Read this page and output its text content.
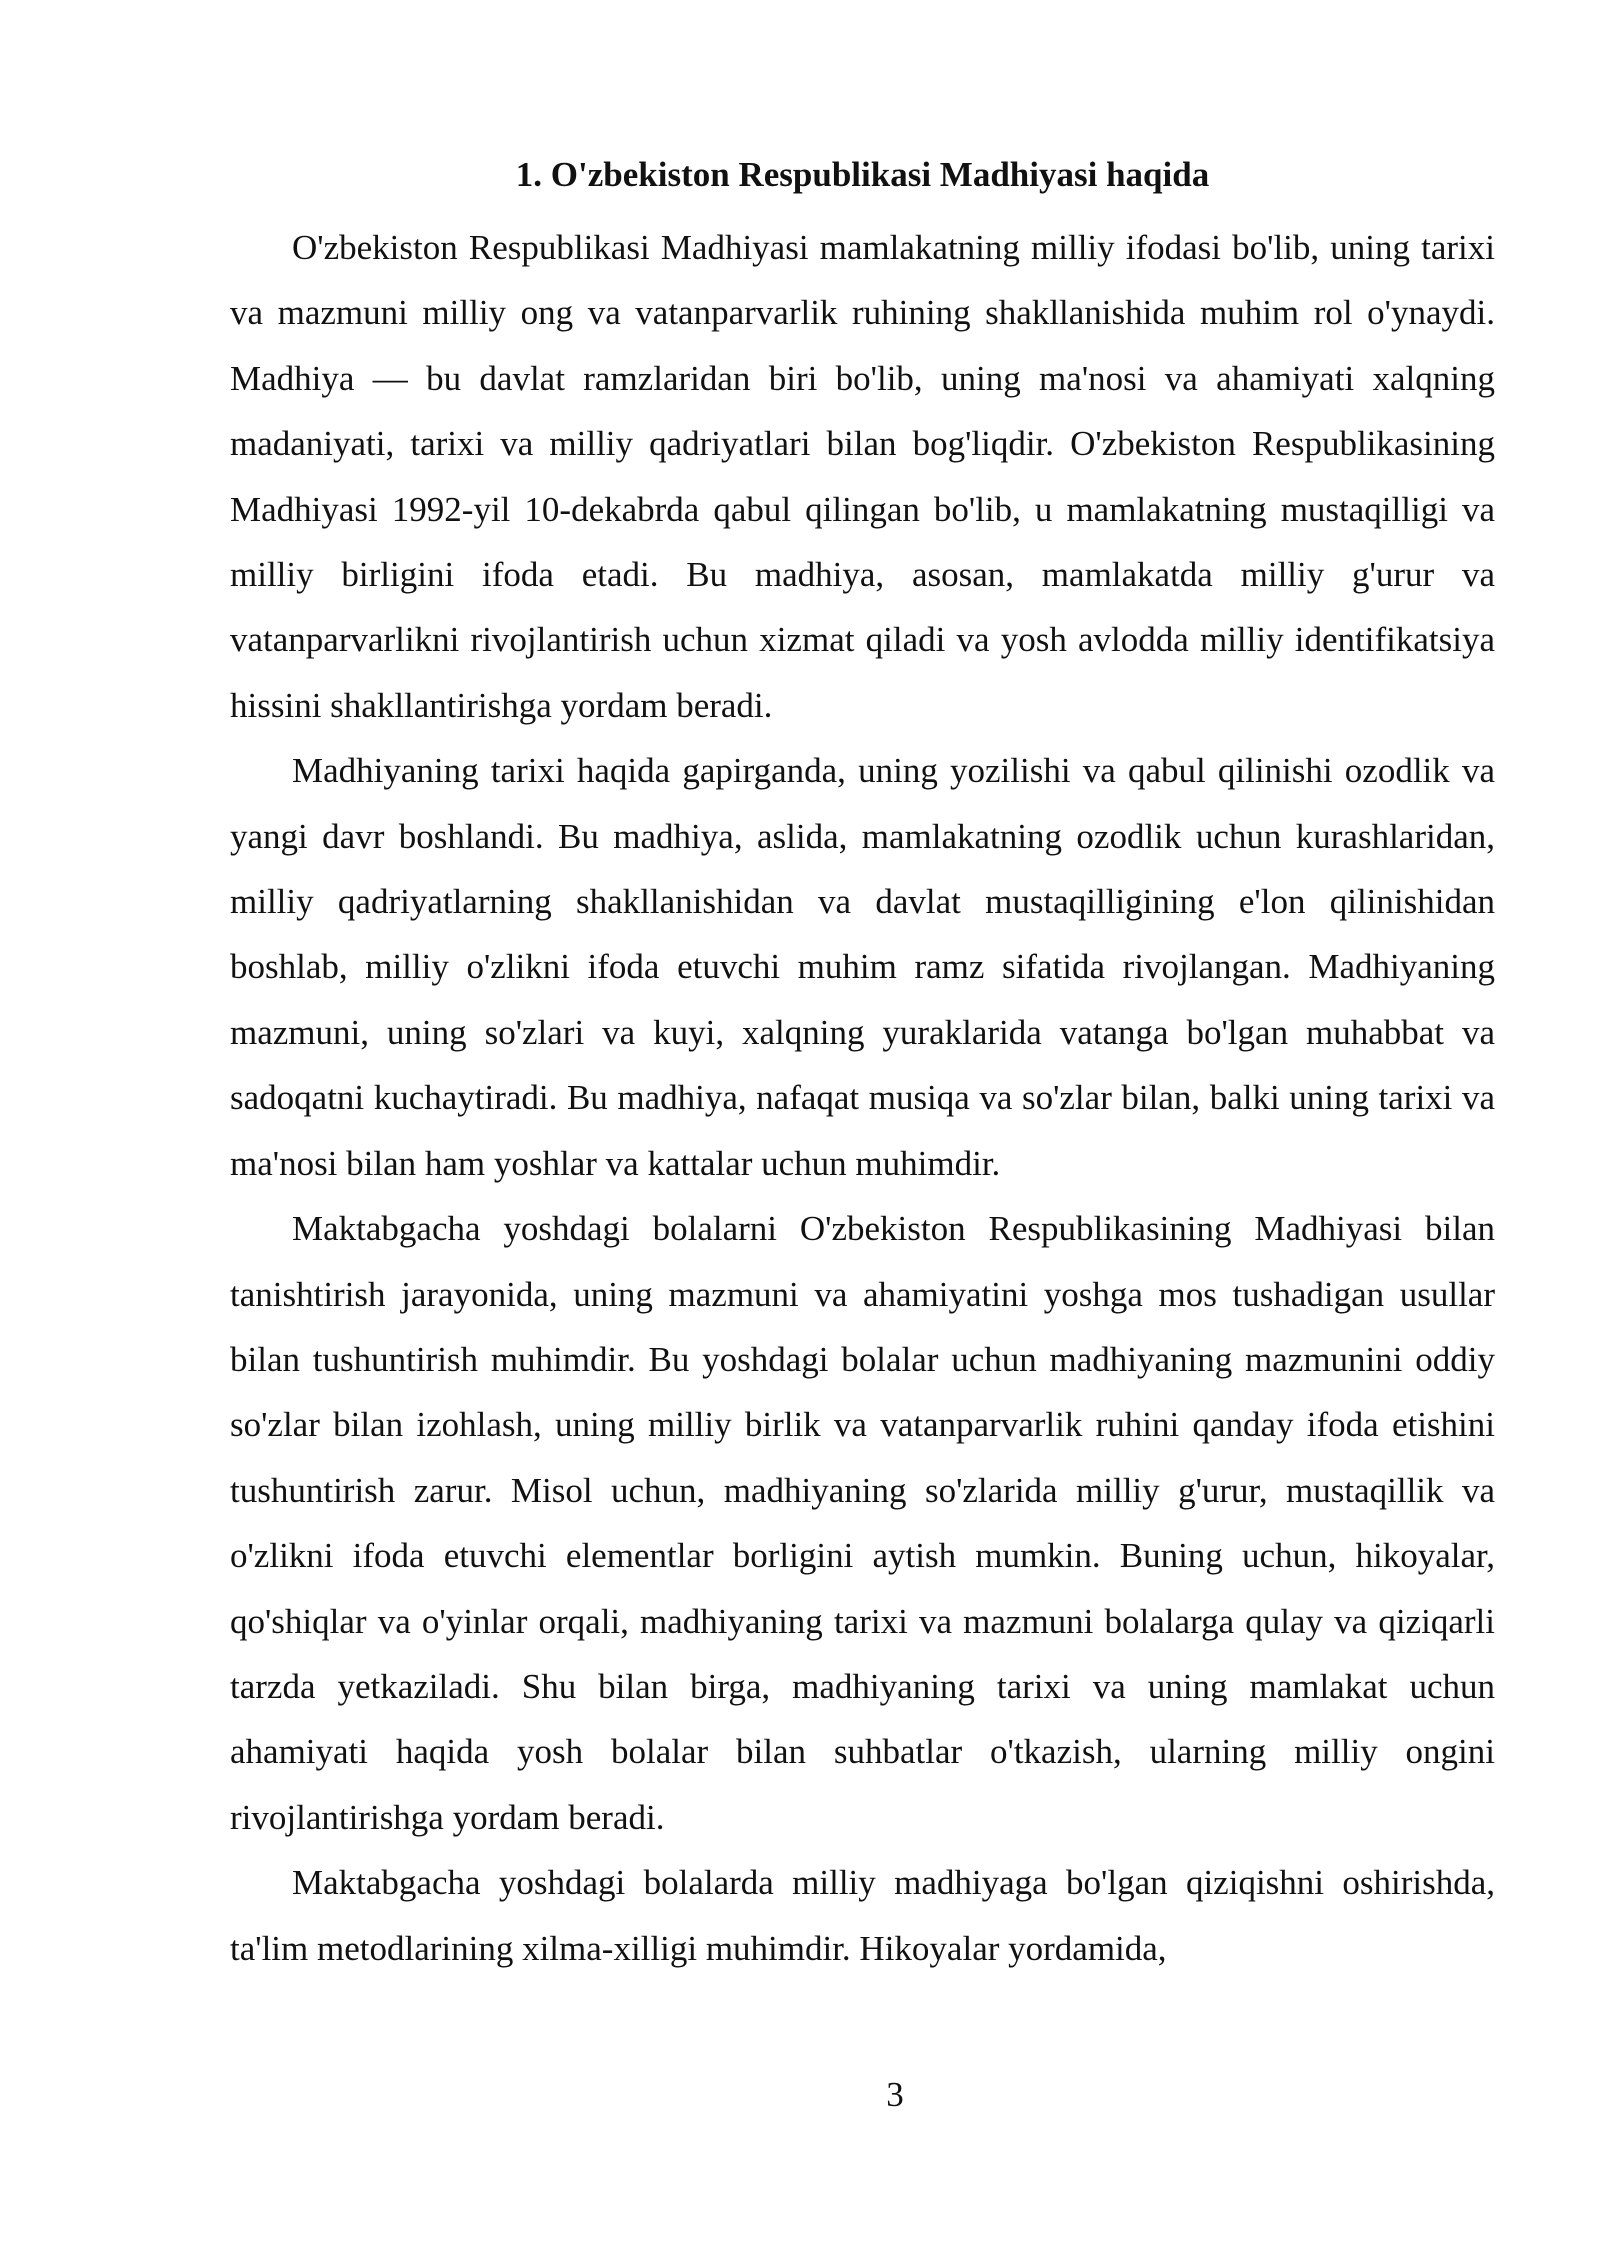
1. O'zbekiston Respublikasi Madhiyasi haqida

O'zbekiston Respublikasi Madhiyasi mamlakatning milliy ifodasi bo'lib, uning tarixi va mazmuni milliy ong va vatanparvarlik ruhining shakllanishida muhim rol o'ynaydi. Madhiya — bu davlat ramzlaridan biri bo'lib, uning ma'nosi va ahamiyati xalqning madaniyati, tarixi va milliy qadriyatlari bilan bog'liqdir. O'zbekiston Respublikasining Madhiyasi 1992-yil 10-dekabrda qabul qilingan bo'lib, u mamlakatning mustaqilligi va milliy birligini ifoda etadi. Bu madhiya, asosan, mamlakatda milliy g'urur va vatanparvarlikni rivojlantirish uchun xizmat qiladi va yosh avlodda milliy identifikatsiya hissini shakllantirishga yordam beradi.

Madhiyaning tarixi haqida gapirganda, uning yozilishi va qabul qilinishi ozodlik va yangi davr boshlandi. Bu madhiya, aslida, mamlakatning ozodlik uchun kurashlaridan, milliy qadriyatlarning shakllanishidan va davlat mustaqilligining e'lon qilinishidan boshlab, milliy o'zlikni ifoda etuvchi muhim ramz sifatida rivojlangan. Madhiyaning mazmuni, uning so'zlari va kuyi, xalqning yuraklarida vatanga bo'lgan muhabbat va sadoqatni kuchaytiradi. Bu madhiya, nafaqat musiqa va so'zlar bilan, balki uning tarixi va ma'nosi bilan ham yoshlar va kattalar uchun muhimdir.

Maktabgacha yoshdagi bolalarni O'zbekiston Respublikasining Madhiyasi bilan tanishtirish jarayonida, uning mazmuni va ahamiyatini yoshga mos tushadigan usullar bilan tushuntirish muhimdir. Bu yoshdagi bolalar uchun madhiyaning mazmunini oddiy so'zlar bilan izohlash, uning milliy birlik va vatanparvarlik ruhini qanday ifoda etishini tushuntirish zarur. Misol uchun, madhiyaning so'zlarida milliy g'urur, mustaqillik va o'zlikni ifoda etuvchi elementlar borligini aytish mumkin. Buning uchun, hikoyalar, qo'shiqlar va o'yinlar orqali, madhiyaning tarixi va mazmuni bolalarga qulay va qiziqarli tarzda yetkaziladi. Shu bilan birga, madhiyaning tarixi va uning mamlakat uchun ahamiyati haqida yosh bolalar bilan suhbatlar o'tkazish, ularning milliy ongini rivojlantirishga yordam beradi.

Maktabgacha yoshdagi bolalarda milliy madhiyaga bo'lgan qiziqishni oshirishda, ta'lim metodlarining xilma-xilligi muhimdir. Hikoyalar yordamida,

3
